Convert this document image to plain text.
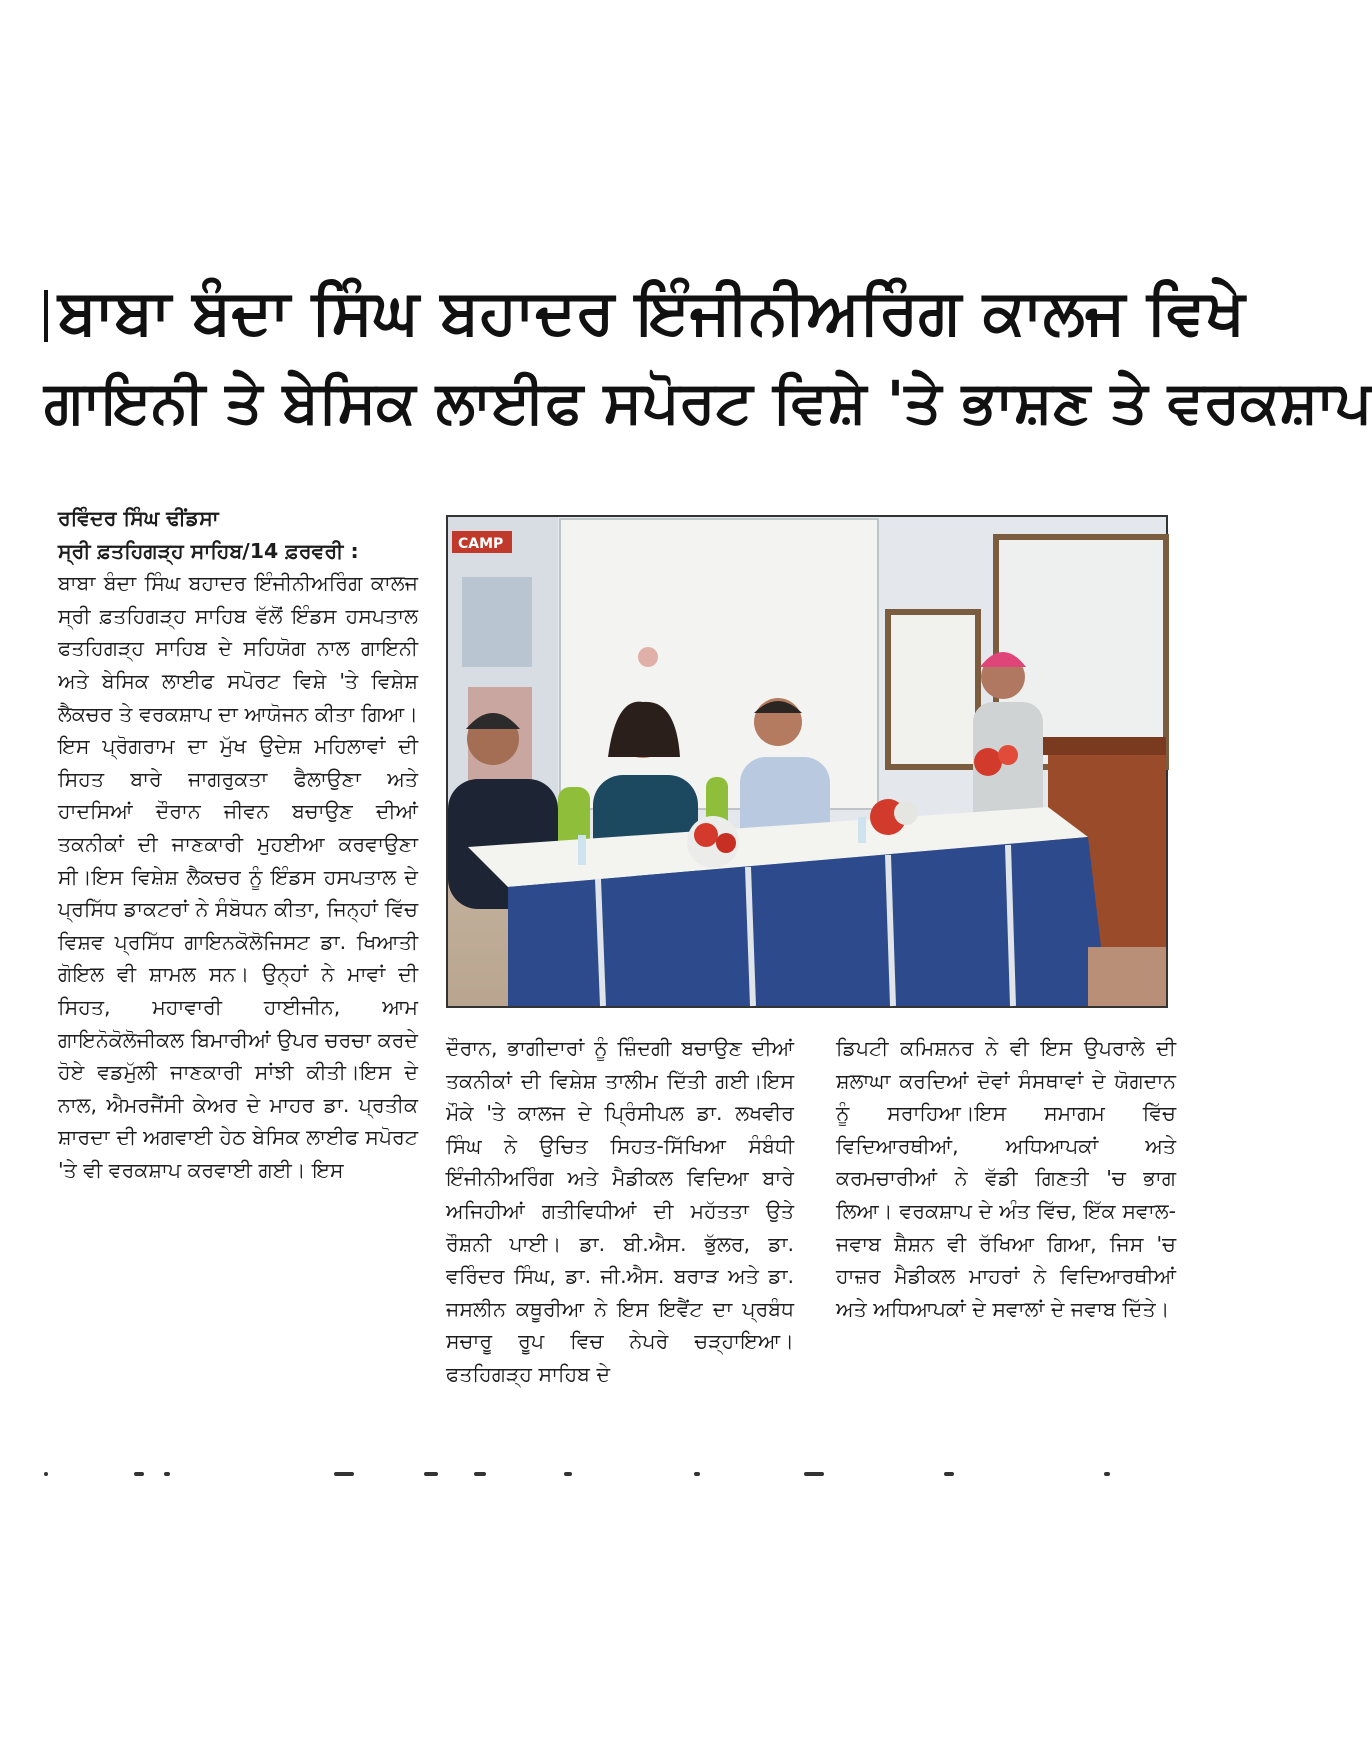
ਬਾਬਾ ਬੰਦਾ ਸਿੰਘ ਬਹਾਦਰ ਇੰਜੀਨੀਅਰਿੰਗ ਕਾਲਜ ਵਿਖੇ
ਗਾਇਨੀ ਤੇ ਬੇਸਿਕ ਲਾਈਫ ਸਪੋਰਟ ਵਿਸ਼ੇ 'ਤੇ ਭਾਸ਼ਣ ਤੇ ਵਰਕਸ਼ਾਪ

ਰਵਿੰਦਰ ਸਿੰਘ ਢੀਂਡਸਾ

ਸ੍ਰੀ ਫ਼ਤਹਿਗੜ੍ਹ ਸਾਹਿਬ/14 ਫ਼ਰਵਰੀ :

ਬਾਬਾ ਬੰਦਾ ਸਿੰਘ ਬਹਾਦਰ ਇੰਜੀਨੀਅਰਿੰਗ ਕਾਲਜ ਸ੍ਰੀ ਫ਼ਤਹਿਗੜ੍ਹ ਸਾਹਿਬ ਵੱਲੋਂ ਇੰਡਸ ਹਸਪਤਾਲ ਫਤਹਿਗੜ੍ਹ ਸਾਹਿਬ ਦੇ ਸਹਿਯੋਗ ਨਾਲ ਗਾਇਨੀ ਅਤੇ ਬੇਸਿਕ ਲਾਈਫ ਸਪੋਰਟ ਵਿਸ਼ੇ 'ਤੇ ਵਿਸ਼ੇਸ਼ ਲੈਕਚਰ ਤੇ ਵਰਕਸ਼ਾਪ ਦਾ ਆਯੋਜਨ ਕੀਤਾ ਗਿਆ। ਇਸ ਪ੍ਰੋਗਰਾਮ ਦਾ ਮੁੱਖ ਉਦੇਸ਼ ਮਹਿਲਾਵਾਂ ਦੀ ਸਿਹਤ ਬਾਰੇ ਜਾਗਰੁਕਤਾ ਫੈਲਾਉਣਾ ਅਤੇ ਹਾਦਸਿਆਂ ਦੌਰਾਨ ਜੀਵਨ ਬਚਾਉਣ ਦੀਆਂ ਤਕਨੀਕਾਂ ਦੀ ਜਾਣਕਾਰੀ ਮੁਹਈਆ ਕਰਵਾਉਣਾ ਸੀ।ਇਸ ਵਿਸ਼ੇਸ਼ ਲੈਕਚਰ ਨੂੰ ਇੰਡਸ ਹਸਪਤਾਲ ਦੇ ਪ੍ਰਸਿੱਧ ਡਾਕਟਰਾਂ ਨੇ ਸੰਬੋਧਨ ਕੀਤਾ, ਜਿਨ੍ਹਾਂ ਵਿੱਚ ਵਿਸ਼ਵ ਪ੍ਰਸਿੱਧ ਗਾਇਨਕੋਲੋਜਿਸਟ ਡਾ. ਖਿਆਤੀ ਗੋਇਲ ਵੀ ਸ਼ਾਮਲ ਸਨ। ਉਨ੍ਹਾਂ ਨੇ ਮਾਵਾਂ ਦੀ ਸਿਹਤ, ਮਹਾਵਾਰੀ ਹਾਈਜੀਨ, ਆਮ ਗਾਇਨੋਕੋਲੋਜੀਕਲ ਬਿਮਾਰੀਆਂ ਉਪਰ ਚਰਚਾ ਕਰਦੇ ਹੋਏ ਵਡਮੁੱਲੀ ਜਾਣਕਾਰੀ ਸਾਂਝੀ ਕੀਤੀ।ਇਸ ਦੇ ਨਾਲ, ਐਮਰਜੈਂਸੀ ਕੇਅਰ ਦੇ ਮਾਹਰ ਡਾ. ਪ੍ਰਤੀਕ ਸ਼ਾਰਦਾ ਦੀ ਅਗਵਾਈ ਹੇਠ ਬੇਸਿਕ ਲਾਈਫ ਸਪੋਰਟ 'ਤੇ ਵੀ ਵਰਕਸ਼ਾਪ ਕਰਵਾਈ ਗਈ। ਇਸ

CAMP

ਦੌਰਾਨ, ਭਾਗੀਦਾਰਾਂ ਨੂੰ ਜ਼ਿੰਦਗੀ ਬਚਾਉਣ ਦੀਆਂ ਤਕਨੀਕਾਂ ਦੀ ਵਿਸ਼ੇਸ਼ ਤਾਲੀਮ ਦਿੱਤੀ ਗਈ।ਇਸ ਮੌਕੇ 'ਤੇ ਕਾਲਜ ਦੇ ਪ੍ਰਿੰਸੀਪਲ ਡਾ. ਲਖਵੀਰ ਸਿੰਘ ਨੇ ਉਚਿਤ ਸਿਹਤ-ਸਿੱਖਿਆ ਸੰਬੰਧੀ ਇੰਜੀਨੀਅਰਿੰਗ ਅਤੇ ਮੈਡੀਕਲ ਵਿਦਿਆ ਬਾਰੇ ਅਜਿਹੀਆਂ ਗਤੀਵਿਧੀਆਂ ਦੀ ਮਹੱਤਤਾ ਉਤੇ ਰੌਸ਼ਨੀ ਪਾਈ। ਡਾ. ਬੀ.ਐਸ. ਭੁੱਲਰ, ਡਾ. ਵਰਿੰਦਰ ਸਿੰਘ, ਡਾ. ਜੀ.ਐਸ. ਬਰਾੜ ਅਤੇ ਡਾ. ਜਸਲੀਨ ਕਥੂਰੀਆ ਨੇ ਇਸ ਇਵੈਂਟ ਦਾ ਪ੍ਰਬੰਧ ਸਚਾਰੂ ਰੂਪ ਵਿਚ ਨੇਪਰੇ ਚੜ੍ਹਾਇਆ। ਫਤਹਿਗੜ੍ਹ ਸਾਹਿਬ ਦੇ

ਡਿਪਟੀ ਕਮਿਸ਼ਨਰ ਨੇ ਵੀ ਇਸ ਉਪਰਾਲੇ ਦੀ ਸ਼ਲਾਘਾ ਕਰਦਿਆਂ ਦੋਵਾਂ ਸੰਸਥਾਵਾਂ ਦੇ ਯੋਗਦਾਨ ਨੂੰ ਸਰਾਹਿਆ।ਇਸ ਸਮਾਗਮ ਵਿੱਚ ਵਿਦਿਆਰਥੀਆਂ, ਅਧਿਆਪਕਾਂ ਅਤੇ ਕਰਮਚਾਰੀਆਂ ਨੇ ਵੱਡੀ ਗਿਣਤੀ 'ਚ ਭਾਗ ਲਿਆ। ਵਰਕਸ਼ਾਪ ਦੇ ਅੰਤ ਵਿੱਚ, ਇੱਕ ਸਵਾਲ-ਜਵਾਬ ਸ਼ੈਸ਼ਨ ਵੀ ਰੱਖਿਆ ਗਿਆ, ਜਿਸ 'ਚ ਹਾਜ਼ਰ ਮੈਡੀਕਲ ਮਾਹਰਾਂ ਨੇ ਵਿਦਿਆਰਥੀਆਂ ਅਤੇ ਅਧਿਆਪਕਾਂ ਦੇ ਸਵਾਲਾਂ ਦੇ ਜਵਾਬ ਦਿੱਤੇ।
